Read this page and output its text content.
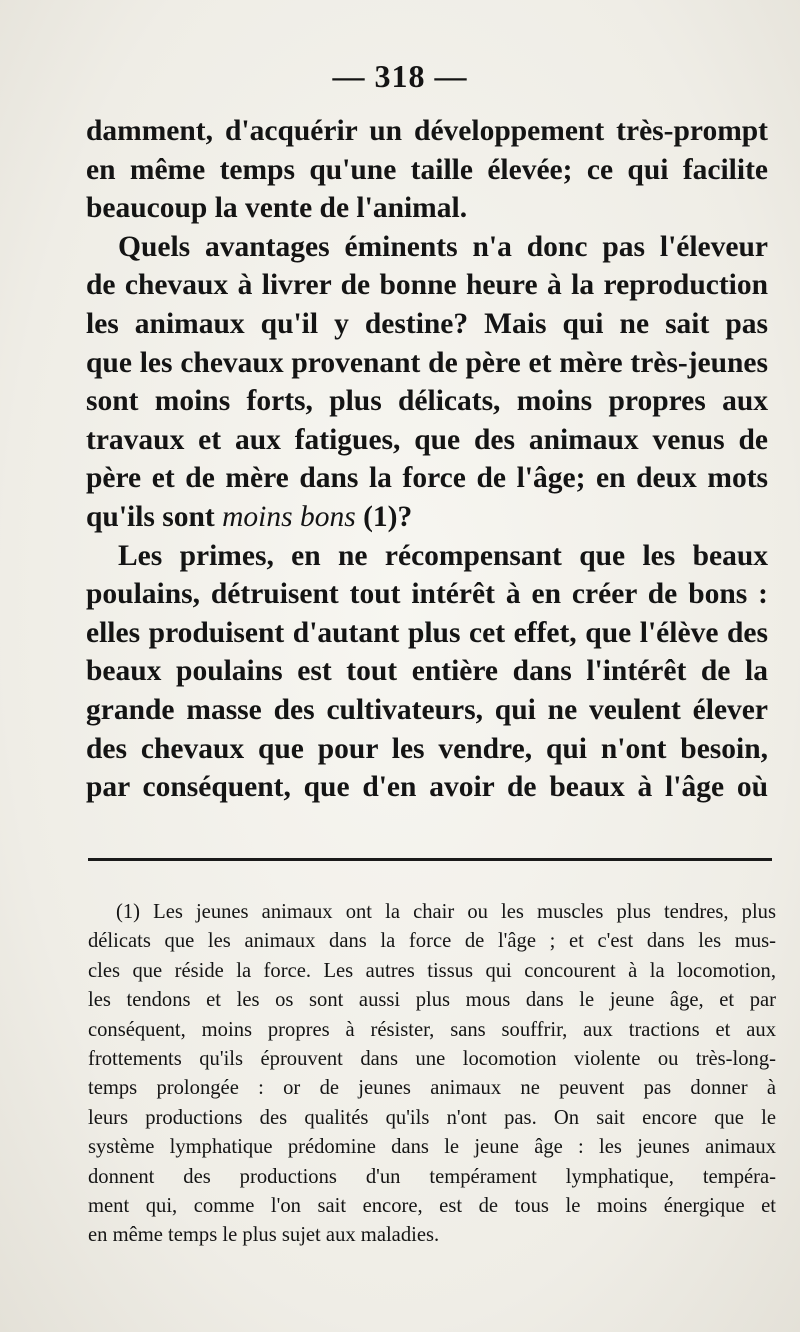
— 318 —

damment, d'acquérir un développement très-prompt
en même temps qu'une taille élevée; ce qui facilite
beaucoup la vente de l'animal.

Quels avantages éminents n'a donc pas l'éleveur
de chevaux à livrer de bonne heure à la reproduction
les animaux qu'il y destine? Mais qui ne sait pas
que les chevaux provenant de père et mère très-jeunes
sont moins forts, plus délicats, moins propres aux
travaux et aux fatigues, que des animaux venus de
père et de mère dans la force de l'âge; en deux mots
qu'ils sont moins bons (1)?

Les primes, en ne récompensant que les beaux
poulains, détruisent tout intérêt à en créer de bons :
elles produisent d'autant plus cet effet, que l'élève des
beaux poulains est tout entière dans l'intérêt de la
grande masse des cultivateurs, qui ne veulent élever
des chevaux que pour les vendre, qui n'ont besoin,
par conséquent, que d'en avoir de beaux à l'âge où

(1) Les jeunes animaux ont la chair ou les muscles plus tendres, plus
délicats que les animaux dans la force de l'âge ; et c'est dans les mus-
cles que réside la force. Les autres tissus qui concourent à la locomotion,
les tendons et les os sont aussi plus mous dans le jeune âge, et par
conséquent, moins propres à résister, sans souffrir, aux tractions et aux
frottements qu'ils éprouvent dans une locomotion violente ou très-long-
temps prolongée : or de jeunes animaux ne peuvent pas donner à
leurs productions des qualités qu'ils n'ont pas. On sait encore que le
système lymphatique prédomine dans le jeune âge : les jeunes animaux
donnent des productions d'un tempérament lymphatique, tempéra-
ment qui, comme l'on sait encore, est de tous le moins énergique et
en même temps le plus sujet aux maladies.
